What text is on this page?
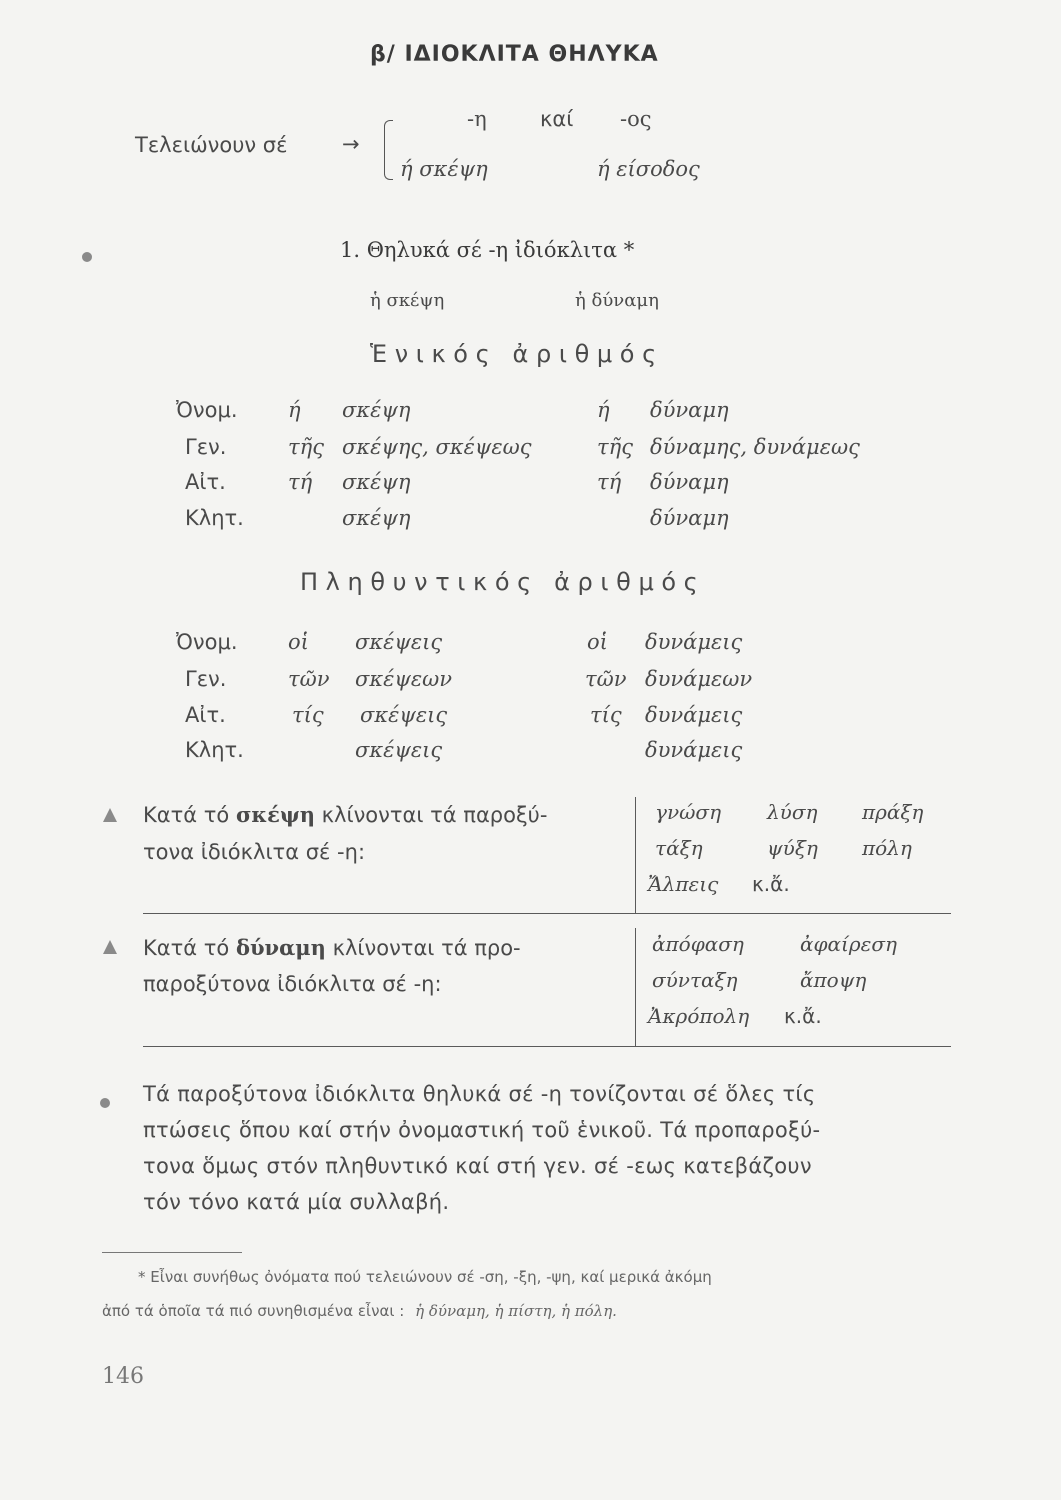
β/ ΙΔΙΟΚΛΙΤΑ ΘΗΛΥΚΑ
Τελειώνουν σέ	→
-η	καί -ος
ή σκέψη	ή είσοδος
1. Θηλυκά σέ -η ἰδιόκλιτα *
ἡ σκέψη	ἡ δύναμη
Ἑ ν ι κ ό ς   ἀ ρ ι θ μ ό ς
Ὀνομ. ή σκέψη	ή δύναμη
Γεν.	τῆς σκέψης, σκέψεως	τῆς δύναμης, δυνάμεως
Αἰτ.	τή σκέψη	τή δύναμη
Κλητ.	σκέψη	δύναμη
Π λ η θ υ ν τ ι κ ό ς   ἀ ρ ι θ μ ό ς
Ὀνομ. οἱ σκέψεις	οἱ δυνάμεις
Γεν.	τῶν σκέψεων	τῶν δυνάμεων
Αἰτ.	τίς σκέψεις	τίς δυνάμεις
Κλητ.	σκέψεις	δυνάμεις
Κατά τό σκέψη κλίνονται τά παροξύ-
τονα ἰδιόκλιτα σέ -η:
γνώση λύση πράξη
τάξη	ψύξη πόλη
Ἄλπεις κ.ἄ.
Κατά τό δύναμη κλίνονται τά προ-
παροξύτονα ἰδιόκλιτα σέ -η:
ἀπόφαση	ἀφαίρεση
σύνταξη	ἄποψη
Ἀκρόπολη κ.ἄ.
Τά παροξύτονα ἰδιόκλιτα θηλυκά σέ -η τονίζονται σέ ὅλες τίς
πτώσεις ὅπου καί στήν ὀνομαστική τοῦ ἑνικοῦ. Τά προπαροξύ-
τονα ὅμως στόν πληθυντικό καί στή γεν. σέ -εως κατεβάζουν
τόν τόνο κατά μία συλλαβή.
* Εἶναι συνήθως ὀνόματα πού τελειώνουν σέ -ση, -ξη, -ψη, καί μερικά ἀκόμη
ἀπό τά ὁποῖα τά πιό συνηθισμένα εἶναι : ἡ δύναμη, ἡ πίστη, ἡ πόλη.
146
